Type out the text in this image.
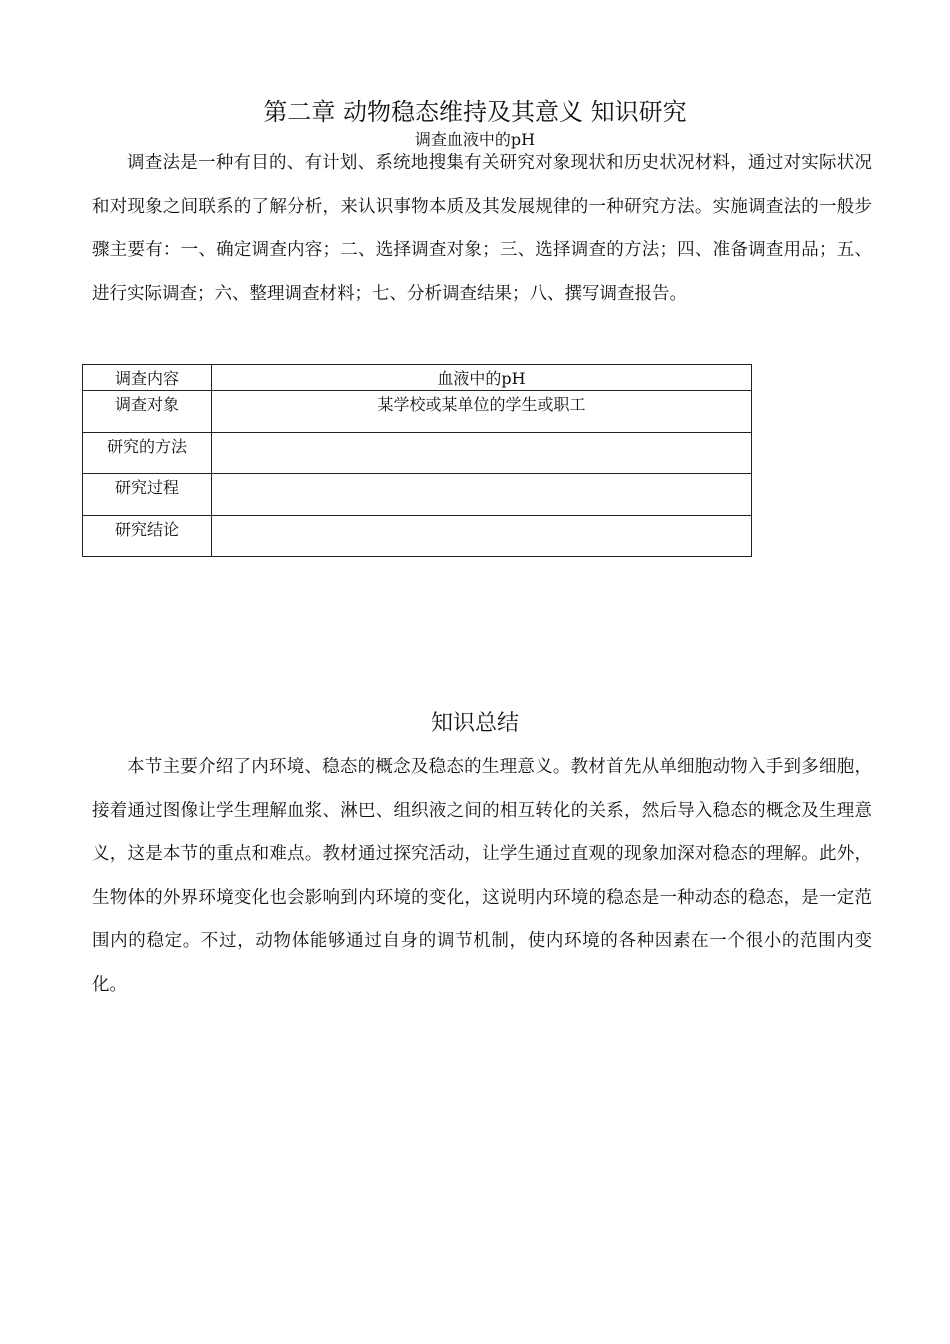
第二章 动物稳态维持及其意义 知识研究
调查血液中的pH

调查法是一种有目的、有计划、系统地搜集有关研究对象现状和历史状况材料，通过对实际状况和对现象之间联系的了解分析，来认识事物本质及其发展规律的一种研究方法。实施调查法的一般步骤主要有：一、确定调查内容；二、选择调查对象；三、选择调查的方法；四、准备调查用品；五、进行实际调查；六、整理调查材料；七、分析调查结果；八、撰写调查报告。

调查内容	血液中的pH
调查对象	某学校或某单位的学生或职工
研究的方法	
研究过程	
研究结论	
知识总结

本节主要介绍了内环境、稳态的概念及稳态的生理意义。教材首先从单细胞动物入手到多细胞，接着通过图像让学生理解血浆、淋巴、组织液之间的相互转化的关系，然后导入稳态的概念及生理意义，这是本节的重点和难点。教材通过探究活动，让学生通过直观的现象加深对稳态的理解。此外，生物体的外界环境变化也会影响到内环境的变化，这说明内环境的稳态是一种动态的稳态，是一定范围内的稳定。不过，动物体能够通过自身的调节机制，使内环境的各种因素在一个很小的范围内变化。
